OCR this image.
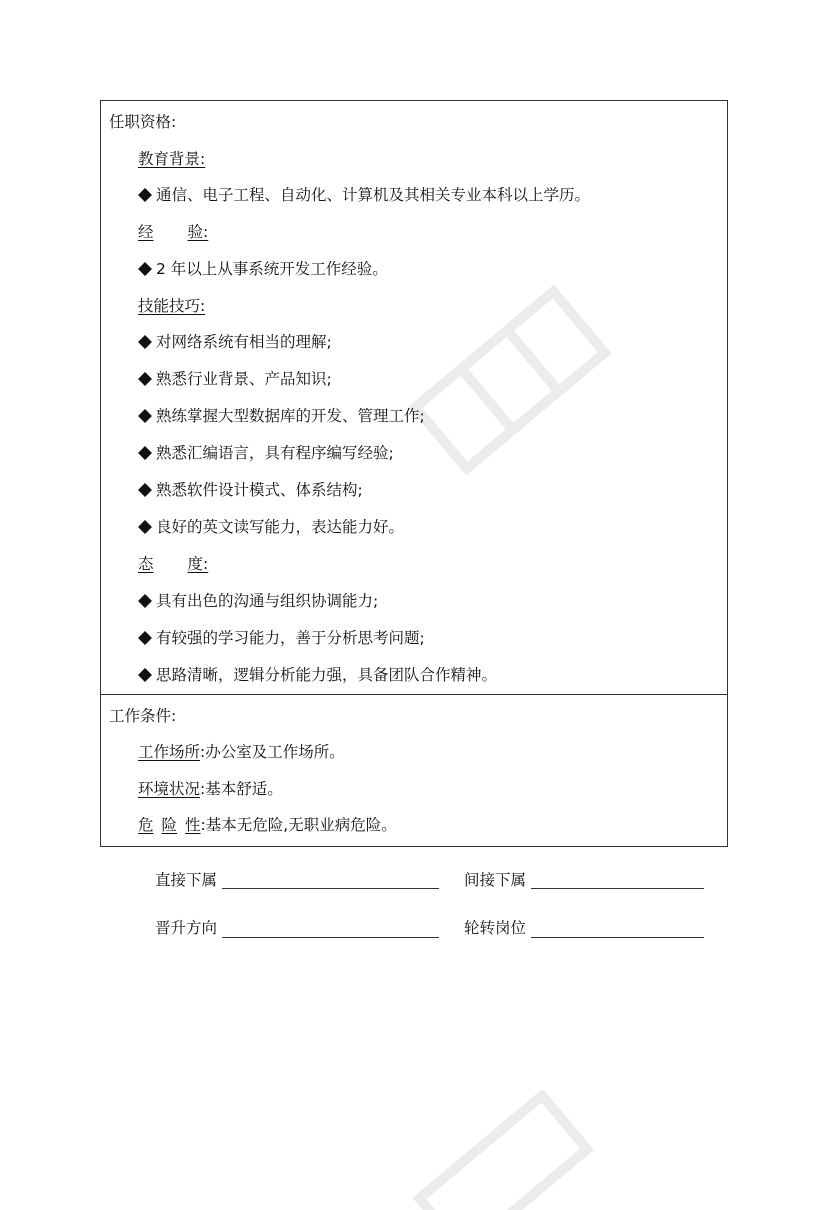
任职资格:
教育背景:
通信、电子工程、自动化、计算机及其相关专业本科以上学历。
经 验:
2 年以上从事系统开发工作经验。
技能技巧:
对网络系统有相当的理解;
熟悉行业背景、产品知识;
熟练掌握大型数据库的开发、管理工作;
熟悉汇编语言，具有程序编写经验;
熟悉软件设计模式、体系结构;
良好的英文读写能力，表达能力好。
态 度:
具有出色的沟通与组织协调能力;
有较强的学习能力，善于分析思考问题;
思路清晰，逻辑分析能力强，具备团队合作精神。
工作条件:
工作场所:办公室及工作场所。
环境状况:基本舒适。
危 险 性:基本无危险,无职业病危险。
直接下属	间接下属
晋升方向	轮转岗位
